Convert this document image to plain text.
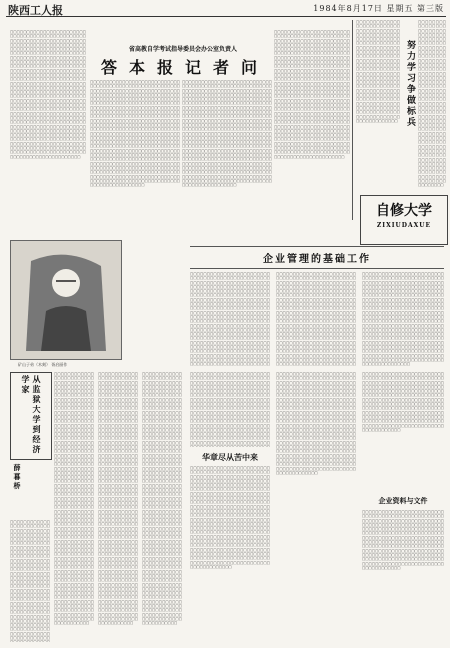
陕西工人报	1984年8月17日 星期五 第三版
省高教自学考试指导委员会办公室负责人
答本报记者问
□□□□□□□□□□□□□□□□□□□□□□□□□□□□□□□□□□□□□□□□□□□□□□□□□□□□□□□□□□□□□□□□□□□□□□□□□□□□□□□□□□□□□□□□□□□□□□□□□□□□□□□□□□□□□□□□□□□□□□□□□□□□□□□□□□□□□□□□□□□□□□□□□□□□□□□□□□□□□□□□□□□□□□□□□□□□□□□□□□□□□□□□□□□□□□□□□□□□□□□□□□□□□□□□□□□□□□□□□□□□□□□□□□□□□□□□□□□□□□□□□□□□□□□□□□□□□□□□□□□□□□□□□□□□□□□□□□□□□□□□□□□□□□□□□□□□□□□□□□□□□□□□□□□□□□□□□□□□□□□□□□□□□□□□□□□□□□□□□□□□□□□□□□□□□□□□□□□□□□□□□□□□□□□□□□□□□□□□□□□□□□□□□□□□□□□□□□□□□□□□□□□□□□□□□□□□□□□□□□□□□□□□□□□□□□□□□□□□□□□□□□□□□□□□□□□□□□□□□□□□□□□□□□□□□□□□□□□□□□□□□□□□□□□□□□□□□□□□□□□□□□□□□□□□□□□□□□□□□□□□□□□□□□□□□□□□□□□□□□□□□□□□□□□□□□□□□□□□□□□□□□□□□□□□□□□□□□□□□□□□□□□□□□□□□□□□□□□□□□□□□□□□□□□□□□□□□□□□□□□□□□□□□□□□□□□□□□□□□□□□□□□□□□□□□□□□□□□□□□□□□□□□□□□□□□□□□□□□□□□□□□□□□□□□□
□□□□□□□□□□□□□□□□□□□□□□□□□□□□□□□□□□□□□□□□□□□□□□□□□□□□□□□□□□□□□□□□□□□□□□□□□□□□□□□□□□□□□□□□□□□□□□□□□□□□□□□□□□□□□□□□□□□□□□□□□□□□□□□□□□□□□□□□□□□□□□□□□□□□□□□□□□□□□□□□□□□□□□□□□□□□□□□□□□□□□□□□□□□□□□□□□□□□□□□□□□□□□□□□□□□□□□□□□□□□□□□□□□□□□□□□□□□□□□□□□□□□□□□□□□□□□□□□□□□□□□□□□□□□□□□□□□□□□□□□□□□□□□□□□□□□□□□□□□□□□□□□□□□□□□□□□□□□□□□□□□□□□□□□□□□□□□□□□□□□□□□□□□□□□□□□□□□□□□□□□□□□□□□□□□□□□□□□□□□□□□□□□□□□□□□□□□□□□□□□□□□□□□□□□□□□□□□□□□□□□□□□□□□□□□□□□□□□□□□□□□□□□□□□□□□□□□□□□□□□□□□□□□□□□□□□□□□□□□□□□□□□□□□□□□□□□□□□□□□□□□□□□□□□□□□□□□□□□□□□□□□□□□□□□□□□□□□□□□□□□□□□□□□□□□□□□□□□□□□□□□□□□□□□□□□□□□□□□□□□□□□□□□□□□□□□□□□□□□□□□□□□□□□□□□□□□□□□□□□□□□□□□□□□□□□□□□□□□□□□□□□□□□□□□□□□□□□□□□□□□□□□□□□□□□□□□□□□□□□□□□□□□□□□□
□□□□□□□□□□□□□□□□□□□□□□□□□□□□□□□□□□□□□□□□□□□□□□□□□□□□□□□□□□□□□□□□□□□□□□□□□□□□□□□□□□□□□□□□□□□□□□□□□□□□□□□□□□□□□□□□□□□□□□□□□□□□□□□□□□□□□□□□□□□□□□□□□□□□□□□□□□□□□□□□□□□□□□□□□□□□□□□□□□□□□□□□□□□□□□□□□□□□□□□□□□□□□□□□□□□□□□□□□□□□□□□□□□□□□□□□□□□□□□□□□□□□□□□□□□□□□□□□□□□□□□□□□□□□□□□□□□□□□□□□□□□□□□□□□□□□□□□□□□□□□□□□□□□□□□□□□□□□□□□□□□□□□□□□□□□□□□□□□□□□□□□□□□□□□□□□□□□□□□□□□□□□□□□□□□□□□□□□□□□□□□□□□□□□□□□□□□□□□□□□□□□□□□□□□□□□□□□□□□□□□□□□□□□□□□□□□□□□□□□□□□□□□□□□□□□□□□□□□□□□□□□□□□□□□□□□□□□□□□□□□□□□□□□□□□□□□□□□□□□□□□□□□□□□□□□□□□□□□□□□□□□□□□□□□□□□□□□□□□□□□□□□□□□□□□□□□□□□□□□□□□□□□□□□□□□□□□□□□□□□□□□□□□□□□□□□□□□□□□□□□□□□□□□□□□□□□□□□□□□□□□□□□□□□□□□□□□□□□□□□□□□□□□□□□□□□□□□□□□□□□□□□□□□□□□□□□□□□□□□□□□□□□□□□□
□□□□□□□□□□□□□□□□□□□□□□□□□□□□□□□□□□□□□□□□□□□□□□□□□□□□□□□□□□□□□□□□□□□□□□□□□□□□□□□□□□□□□□□□□□□□□□□□□□□□□□□□□□□□□□□□□□□□□□□□□□□□□□□□□□□□□□□□□□□□□□□□□□□□□□□□□□□□□□□□□□□□□□□□□□□□□□□□□□□□□□□□□□□□□□□□□□□□□□□□□□□□□□□□□□□□□□□□□□□□□□□□□□□□□□□□□□□□□□□□□□□□□□□□□□□□□□□□□□□□□□□□□□□□□□□□□□□□□□□□□□□□□□□□□□□□□□□□□□□□□□□□□□□□□□□□□□□□□□□□□□□□□□□□□□□□□□□□□□□□□□□□□□□□□□□□□□□□□□□□□□□□□□□□□□□□□□□□□□□□□□□□□□□□□□□□□□□□□□□□□□□□□□□□□□□□□□□□□□□□□□□□□□□□□□□□□□□□□□□□□□□□□□□□□□□□□□□□□□□□□□□□□□□□□□□□□□□□□□□□□□□□□□□□□□□□□□□□□□□□□□□□□□□□□□□□□□□□□□□□□□□□□□□□□□□□□□□□□□□□□□□□□□□□□□□□□□□□□□□□□□□□□□□□□□□□□□□□□□□□□□□□□□□□□□□□□□□□□□□□□□□□□□□□□□□□□□□□□□□□□□□□□□□□□□□□□□□□□□□□□□□□□□□□□□□□□□□□□□□□□□□□□□□□□□□□□□□□□□□□□□□□□□□□□
□□□□□□□□□□□□□□□□□□□□□□□□□□□□□□□□□□□□□□□□□□□□□□□□□□□□□□□□□□□□□□□□□□□□□□□□□□□□□□□□□□□□□□□□□□□□□□□□□□□□□□□□□□□□□□□□□□□□□□□□□□□□□□□□□□□□□□□□□□□□□□□□□□□□□□□□□□□□□□□□□□□□□□□□□□□□□□□□□□□□□□□□□□□□□□□□□□□□□□□□□□□□□□□□□□□□□□□□□□□□□□□□□□□□□□□□□□□□□□□□□□□□□□□□□□□□□□□□□□□□□□□□□□□□□□□□□□□□□□□□□□□□□□□□□□□□□□□□□□□□□□□□□□□□□□□□ 努力学习争做标兵
□□□□□□□□□□□□□□□□□□□□□□□□□□□□□□□□□□□□□□□□□□□□□□□□□□□□□□□□□□□□□□□□□□□□□□□□□□□□□□□□□□□□□□□□□□□□□□□□□□□□□□□□□□□□□□□□□□□□□□□□□□□□□□□□□□□□□□□□□□□□□□□□□□□□□□□□□□□□□□□□□□□□□□□□□□□□□□□□□□□□□□□□□□□□□□□□□□□□□□□□□□□□□□□□□□□□□□□□□□□□□□□□□□□□□□□□□□□□□□□□□□□□□□□□□□□□□□□□□□□□□□□□□□□□□□□□□□□□□□□□□□□□□□□□□□□□□□□□□□□□□□□□□□□□□□□□
自修大学
ZIXIUDAXUE
企业管理的基础工作
□□□□□□□□□□□□□□□□□□□□□□□□□□□□□□□□□□□□□□□□□□□□□□□□□□□□□□□□□□□□□□□□□□□□□□□□□□□□□□□□□□□□□□□□□□□□□□□□□□□□□□□□□□□□□□□□□□□□□□□□□□□□□□□□□□□□□□□□□□□□□□□□□□□□□□□□□□□□□□□□□□□□□□□□□□□□□□□□□□□□□□□□□□□□□□□□□□□□□□□□□□□□□□□□□□□□□□□□□□□□□□□□□□□□□□□□□□□□□□□□□□□□□□□□□□□□□□□□□□□□□□□□□□□□□□□□□□□□□□□□□□□□□□□□□□□□□□□□□□□□□□□□□□□□□□□□□□□□□□□□□□□□□□□□□□□□□□□□□□□□□□□□□□□□□□□□□□□□□□□□□□□□□□□□□□□□□□□□□□□□□□□□□□□□□□□□□□□□□□□□□□□□□□□□□□□□□□□□□□□□□□□□□□□□□□□□□□□□□□□□□□□□□□□□□□□□□□□□□□□□□□□□□□□□□□□□□□□□□□□□□□□□□□□□□□□□□□□□□□□□□□□□□□□□□□□□□□□□□□□□□□□□□□□□
□□□□□□□□□□□□□□□□□□□□□□□□□□□□□□□□□□□□□□□□□□□□□□□□□□□□□□□□□□□□□□□□□□□□□□□□□□□□□□□□□□□□□□□□□□□□□□□□□□□□□□□□□□□□□□□□□□□□□□□□□□□□□□□□□□□□□□□□□□□□□□□□□□□□□□□□□□□□□□□□□□□□□□□□□□□□□□□□□□□□□□□□□□□□□□□□□□□□□□□□□□□□□□□□□□□□□□□□□□□□□□□□□□□□□□□□□□□□□□□□□□□□□□□□□□□□□□□□□□□□□□□□□□□□□□□□□□□□□□□□□□□□□□□□□□□□□□□□□□□□□□□□□□□□□□□□□□□□□□□□□□□□□□□□□□□□□□□□□□□□□□□□□□□□□□□□□□□□□□□□□□□□□□□□□□□□□□□□□□□□□□□□□□□□□□□□□□□□□□□□□□□□□□□□□□□□□□□□□□□□□□□□□□□□□□□□□□□□□□□□□□□□□□□□□□□□□□□□□□□□□□□□□□□□□□□□□□□□□□□□□□□□□□□□□□□□□□□□□□□□□□□□□□□□□□□□□□□□□□□□□□□□□□□□
□□□□□□□□□□□□□□□□□□□□□□□□□□□□□□□□□□□□□□□□□□□□□□□□□□□□□□□□□□□□□□□□□□□□□□□□□□□□□□□□□□□□□□□□□□□□□□□□□□□□□□□□□□□□□□□□□□□□□□□□□□□□□□□□□□□□□□□□□□□□□□□□□□□□□□□□□□□□□□□□□□□□□□□□□□□□□□□□□□□□□□□□□□□□□□□□□□□□□□□□□□□□□□□□□□□□□□□□□□□□□□□□□□□□□□□□□□□□□□□□□□□□□□□□□□□□□□□□□□□□□□□□□□□□□□□□□□□□□□□□□□□□□□□□□□□□□□□□□□□□□□□□□□□□□□□□□□□□□□□□□□□□□□□□□□□□□□□□□□□□□□□□□□□□□□□□□□□□□□□□□□□□□□□□□□□□□□□□□□□□□□□□□□□□□□□□□□□□□□□□□□□□□□□□□□□□□□□□□□□□□□□□□□□□□□□□□□□□□□□□□□□□□□□□□□□□□□□□□□□□□□□□□□□□□□□□□□□□□□□□□□□□□□□□□□□□□□□□□□□□□□□□□□□□□□□□□□□□□□□□□□□□□□□□□□□□□□□□□□□□
矿山子弟（木刻） 胥启丽作
从监狱大学到经济学家
薛暮桥
□□□□□□□□□□□□□□□□□□□□□□□□□□□□□□□□□□□□□□□□□□□□□□□□□□□□□□□□□□□□□□□□□□□□□□□□□□□□□□□□□□□□□□□□□□□□□□□□□□□□□□□□□□□□□□□□□□□□□□□□□□□□□□□□□□□□□□□□□□□□□□□□□□□□□□□□□□□□□□□□□□□□□□□□□□□□□□□□□□□□□□□□□□□□□□□□□□□□□□□□□□□□□□□□□□□□□□□□□□□□□□□□□□□□□□□□□□□□□□□□□□□□□□□□□□□□□□□□□□□□□□□□□□□□□□□□□□□□□□□□□□□□□□□□□□□□□□□□□□□□□□□□□□□□□□□□□□□□□□□□□□□□□□□□□□□□□□□□□□□□□□□□□□□□□□□□□□□□□□□□□□□□□□□□□□□□□□□□□□□□□□□□□□□□□□□□□□□□□□□□□□□□□□□□□□□□□□□□□□□□□□□□□□□□□□□□□□□□□□□□□□□□□□□□□□□□□□□□□□□□□□□□□□□□□□□□□□□□□□□□□□□□□□□□□□□□□□□□□□□□□□□□□□□□□□□□□□□□□□□□□□□□□□□□□□□□□□□□□□□□□□□□□□□□□□□□□□□□□□□□□□□□□□□□□□□□□□□□□□□□□□□□□□□□□□□□□□□□□□□□□□□□□□□□□□□□□□□□□□□□□□□□□□□□□□□□□□□□□□□□□□□□□□□□□□□□□□□□□□□□□□□□□□□□□□□□□□□□□□□□□□□□□□□□□□□□□□□□□□□□□□□□□□□
□□□□□□□□□□□□□□□□□□□□□□□□□□□□□□□□□□□□□□□□□□□□□□□□□□□□□□□□□□□□□□□□□□□□□□□□□□□□□□□□□□□□□□□□□□□□□□□□□□□□□□□□□□□□□□□□□□□□□□□□□□□□□□□□□□□□□□□□□□□□□□□□□□□□□□□□□□□□□□□□□□□□□□□□□□□□□□□□□□□□□□□□□□□□□□□□□□□□□□□□□□□□□□□□□□□□□□□□□□□□□□□□□□□□□□□□□□□□□□□□□□□□□□□□□□□□□□□□□□□□□□□□□□□□□□□□□□□□□□□□□□□□□□□□□□□□□□□□□□□□□□□□□□□□□□□□□□□□□□□□□□□□□□□□□□□□□□□□□□□□□□□□□□□□□□□□□□□□□□□□□□□□□□□□□□□□□□□□□□□□□□□□□□□□□□□□□□□□□□□□□□□□□□□□□□□□□□□□□□□□□□□□□□□□□□□□□□□□□□□□□□□□□□□□□□□□□□□□□□□□□□□□□□□□□□□□□□□□□□□□□□□□□□□□□□□□□□□□□□□□□□□□□□□□□□□□□□□□□□□□□□□□□□□□□□□□□□□□□□□□□□□□□□□□□□□□□□□□□□□□□□□□□□□□□□□□□□□□□□□□□□□□□□□□□□□□□□□□□□□□□□□□□□□□□□□□□□□□□□□□□□□□□□□□□□□□□□□□□□□□□□□□□□□□□□□□□□□□□□□□□□□□□□□□□□□□□□□□□□□□□□□□□□□□□□□□□□□□□□□□□□□□□□□
□□□□□□□□□□□□□□□□□□□□□□□□□□□□□□□□□□□□□□□□□□□□□□□□□□□□□□□□□□□□□□□□□□□□□□□□□□□□□□□□□□□□□□□□□□□□□□□□□□□□□□□□□□□□□□□□□□□□□□□□□□□□□□□□□□□□□□□□□□□□□□□□□□□□□□□□□□□□□□□□□□□□□□□□□□□□□□□□□□□□□□□□□□□□□□□□□□□□□□□□□□□□□□□□□□□□□□□□□□□□□□□□□□□□□□□□□□□□□□□□□□□□□□□□□□□□□□□□□□□□□□□□□□□□□□□□□□□□□□□□□□□□□□□□□□□□□□□□□□□□□□□□□□□□□□□□□□□□□□□□□□□□□□□□□□□□□□□□□□□□□□□□□□□□□□□□□□□□□□□□□□□□□□□□□□□□□□□□□□□□□□□□□□□□□□□□□□□□□□□□□□□□□□□□□□□□□□□□□□□□□□□□□□□□□□□□□□□□□□□□□□□□□□□□□□□□□□□□□□□□□□□□□□□□□□□□□□□□□□□□□□□□□□□□□□□□□□□□□□□□□□□□□□□□□□□□□□□□□□□□□□□□□□□□□□□□□□□□□□□□□□□□□□□□□□□□□□□□□□□□□□□□□□□□□□□□□□□□□□□□□□□□□□□□□□□□□□□□□□□□□□□□□□□□□□□□□□□□□□□□□□□□□□□□□□□□□□□□□□□□□□□□□□□□□□□□□□□□□□□□□□□□□□□□□□□□□□□□□□□□□□□□□□□□□□□□□□□□□□□□□□□□□□□
□□□□□□□□□□□□□□□□□□□□□□□□□□□□□□□□□□□□□□□□□□□□□□□□□□□□□□□□□□□□□□□□□□□□□□□□□□□□□□□□□□□□□□□□□□□□□□□□□□□□□□□□□□□□□□□□□□□□□□□□□□□□□□□□□□□□□□□□□□□□□□□□□□□□□□□□□□□□□□□□□□□□□□□□□□□□□□□□□□□□□□□□□□□□□□□□□□□□□□□□□□□□□□□□□□□□□□□□□□□□□□□□□□□□□□□□□□□□□□□□□□□□□□□□□□□□□□□□□□□□□□□□□□□□□□□□□□□□□□□□□□□□□□□□□□□□□□□□□□□□□□□□□□□□□□□□□□□□□□□□□□□□□□□□□□□□□□□□
□□□□□□□□□□□□□□□□□□□□□□□□□□□□□□□□□□□□□□□□□□□□□□□□□□□□□□□□□□□□□□□□□□□□□□□□□□□□□□□□□□□□□□□□□□□□□□□□□□□□□□□□□□□□□□□□□□□□□□□□□□□□□□□□□□□□□□□□□□□□□□□□□□□□□□□□□□□□□□□□□□□□□□□□□□□□□□□□□□□□□□□□□□□□□□□□□□□□□□□□□□□□□□□□□□□□□□□□□□□□□□□□□□□□□□□□□□□□□□□□□□□□□□□□□□□□□□□□□□□□□□□□□□□□□□□□□□□□□□□□□□□□□□□□□□□□□□□□□□□□□□□□□□□□□□□□□□□□□□□□□□□□□□□□□□□□□□□□□□□□□□□□□□□□□□□□□□□□□□□□□□□□□□□□□□□□□□□□□□□□□□□□□□□□□□□□□□□□□□□□□□□□□□□□
华章尽从苦中来
□□□□□□□□□□□□□□□□□□□□□□□□□□□□□□□□□□□□□□□□□□□□□□□□□□□□□□□□□□□□□□□□□□□□□□□□□□□□□□□□□□□□□□□□□□□□□□□□□□□□□□□□□□□□□□□□□□□□□□□□□□□□□□□□□□□□□□□□□□□□□□□□□□□□□□□□□□□□□□□□□□□□□□□□□□□□□□□□□□□□□□□□□□□□□□□□□□□□□□□□□□□□□□□□□□□□□□□□□□□□□□□□□□□□□□□□□□□□□□□□□□□□□□□□□□□□□□□□□□□□□□□□□□□□□□□□□□□□□□□□□□□□□□□□□□□□□□□□□□□□□□□□□□□□□□□□□□□□□□□□□□□□□□□□□□□□□□□□□□□□□□□□□□□□□□□□□□□□□□□□□□□□□□□□□□□□□□□□□□□□□□□□□□□□□□□□□□□□□□□□□□□□□□□□□□□□□□□□□□□□□□□□□□□□□□□□□□□□□□□□□□□□□□□□□□□□□□□□□□□□□□□□□□□□□□□□□□□□□□□□□□□□□□□□□□□□□□□□□□□□□□□□□□□□□□□□□□□□□□□□□□□□□□□□□□□□□□□□□□□□□□□□□□□□□□□□□□□□□□□□□□□□□
□□□□□□□□□□□□□□□□□□□□□□□□□□□□□□□□□□□□□□□□□□□□□□□□□□□□□□□□□□□□□□□□□□□□□□□□□□□□□□□□□□□□□□□□□□□□□□□□□□□□□□□□□□□□□□□□□□□□□□□□□□□□□□□□□□□□□□□□□□□□□□□□□□□□□□□□□□□□□□□□□□□□□□□□□□□□□□□□□□□□□□□□□□□□□□□□□□□□□□□□□□□□□□□□□□□□□□□□□□□□□□□□□□□□□□□□□□□□□□□□□□□□□□□□□□□□□□□□□□□□□□□□□□□□□□□□□□□□□□□□□□□□□□□□□□□□□□□□□□□□□□□□□□□□□□□□□□□□□□□□□□□□□□□□□□□□□□□□□□□□□□□□□□□□□□□□□□□□□□□□□□□□□□□□□□□□□□□□□□□□□□□□□□□□□□□□□□□□□□□□□□□□□□□□□□□□□□□□□□□□□□□□□□□□□□□□□□□□□□□□□□□□□□□□□□□□□□□□□□□□□□□□□□□□□□□□□□□□□□□□□□□□□□□□□□□□□□□□□□□□□□□□□□□□□□□□□□□□□□□□□□□□□□□□□□□□□□□□□□□□□□□□□□□□□□□□□□□□□□□□□□□□□
□□□□□□□□□□□□□□□□□□□□□□□□□□□□□□□□□□□□□□□□□□□□□□□□□□□□□□□□□□□□□□□□□□□□□□□□□□□□□□□□□□□□□□□□□□□□□□□□□□□□□□□□□□□□□□□□□□□□□□□□□□□□□□□□□□□□□□□□□□□□□□□□□□□□□□□□□□□□□□□□□□□□□□□□□□□□□□□□□□□□□□□□□□□□□□□□□□□□□□□□□□□□□□□□□□□□□□□□□□□□□□□□□□□□□□□□□□□□□□□□□□□□□□□□□□□□□□□□□□□□□□□□□□□□□□□□□□□□□□□□□□□□□□□□□□□□□□□□□□□□□□□□□□□□□□□□□□□□□□□□□□□□□□□□□□□□□□□□□
企业资料与文件
□□□□□□□□□□□□□□□□□□□□□□□□□□□□□□□□□□□□□□□□□□□□□□□□□□□□□□□□□□□□□□□□□□□□□□□□□□□□□□□□□□□□□□□□□□□□□□□□□□□□□□□□□□□□□□□□□□□□□□□□□□□□□□□□□□□□□□□□□□□□□□□□□□□□□□□□□□□□□□□□□□□□□□□□□□□□□□□□□□□□□□□□□□□□□□□□□□□□□□□□□□□□□□□□□□□□□□□□□□□□□□□□□□□□□□□□□□□□□□□□□□□□□□□□□□□□□□□□□□□□□□□□□□□□□□□□□□□□□□□□□□□□□□□□□□□□□□□□□□□□□□□□□□□□□□□□□□□□□□□□□□□□□□□□□□□□□□□□□
